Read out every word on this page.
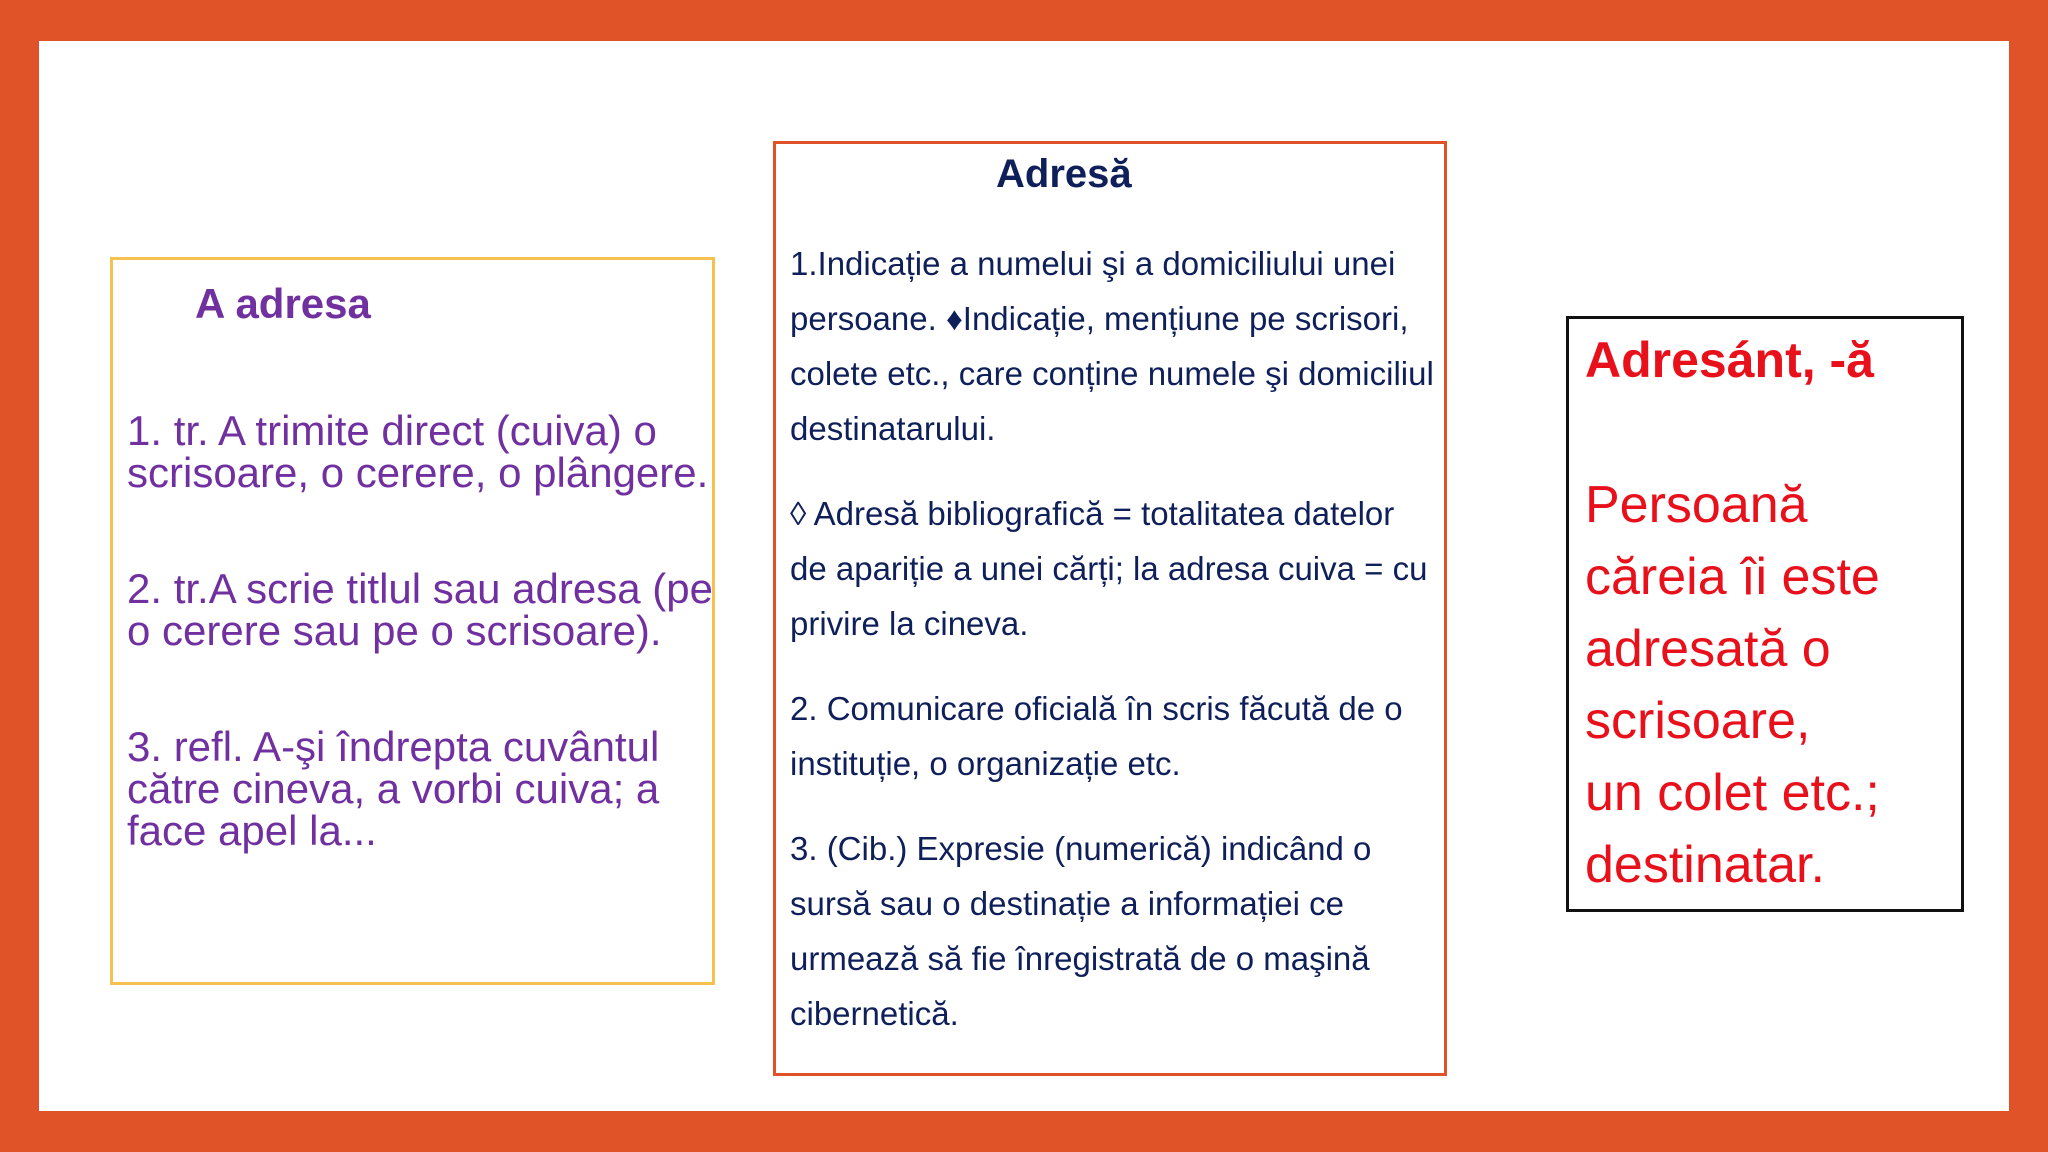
A adresa

1. tr. A trimite direct (cuiva) o scrisoare, o cerere, o plângere.

2. tr.A scrie titlul sau adresa (pe o cerere sau pe o scrisoare).

3. refl. A-şi îndrepta cuvântul către cineva, a vorbi cuiva; a face apel la...

Adresă

1.Indicație a numelui şi a domiciliului unei persoane. ♦Indicație, mențiune pe scrisori, colete etc., care conține numele şi domiciliul destinatarului.

◊ Adresă bibliografică = totalitatea datelor de apariție a unei cărți; la adresa cuiva = cu privire la cineva.

2. Comunicare oficială în scris făcută de o instituție, o organizație etc.

3. (Cib.) Expresie (numerică) indicând o sursă sau o destinație a informației ce urmează să fie înregistrată de o maşină cibernetică.

Adresánt, -ă

Persoană
căreia îi este
adresată o
scrisoare,
un colet etc.;
destinatar.
